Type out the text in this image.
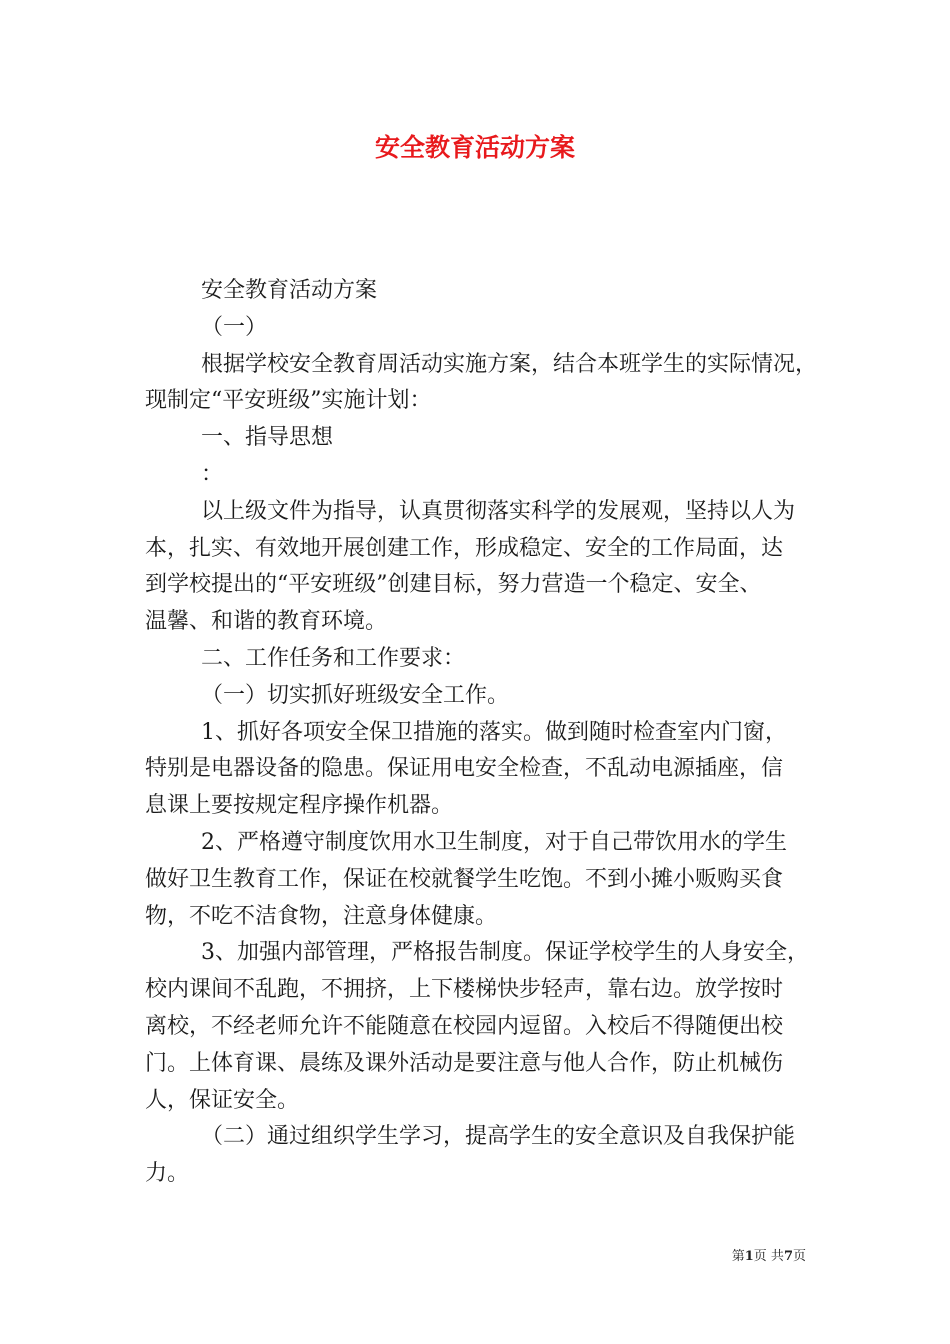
安全教育活动方案
安全教育活动方案
（一）
根据学校安全教育周活动实施方案，结合本班学生的实际情况，
现制定“平安班级”实施计划：
一、指导思想
：
以上级文件为指导，认真贯彻落实科学的发展观，坚持以人为
本，扎实、有效地开展创建工作，形成稳定、安全的工作局面，达
到学校提出的“平安班级”创建目标，努力营造一个稳定、安全、
温馨、和谐的教育环境。
二、工作任务和工作要求：
（一）切实抓好班级安全工作。
1、抓好各项安全保卫措施的落实。做到随时检查室内门窗，
特别是电器设备的隐患。保证用电安全检查，不乱动电源插座，信
息课上要按规定程序操作机器。
2、严格遵守制度饮用水卫生制度，对于自己带饮用水的学生
做好卫生教育工作，保证在校就餐学生吃饱。不到小摊小贩购买食
物，不吃不洁食物，注意身体健康。
3、加强内部管理，严格报告制度。保证学校学生的人身安全，
校内课间不乱跑，不拥挤，上下楼梯快步轻声，靠右边。放学按时
离校，不经老师允许不能随意在校园内逗留。入校后不得随便出校
门。上体育课、晨练及课外活动是要注意与他人合作，防止机械伤
人，保证安全。
（二）通过组织学生学习，提高学生的安全意识及自我保护能
力。
第1页 共7页
